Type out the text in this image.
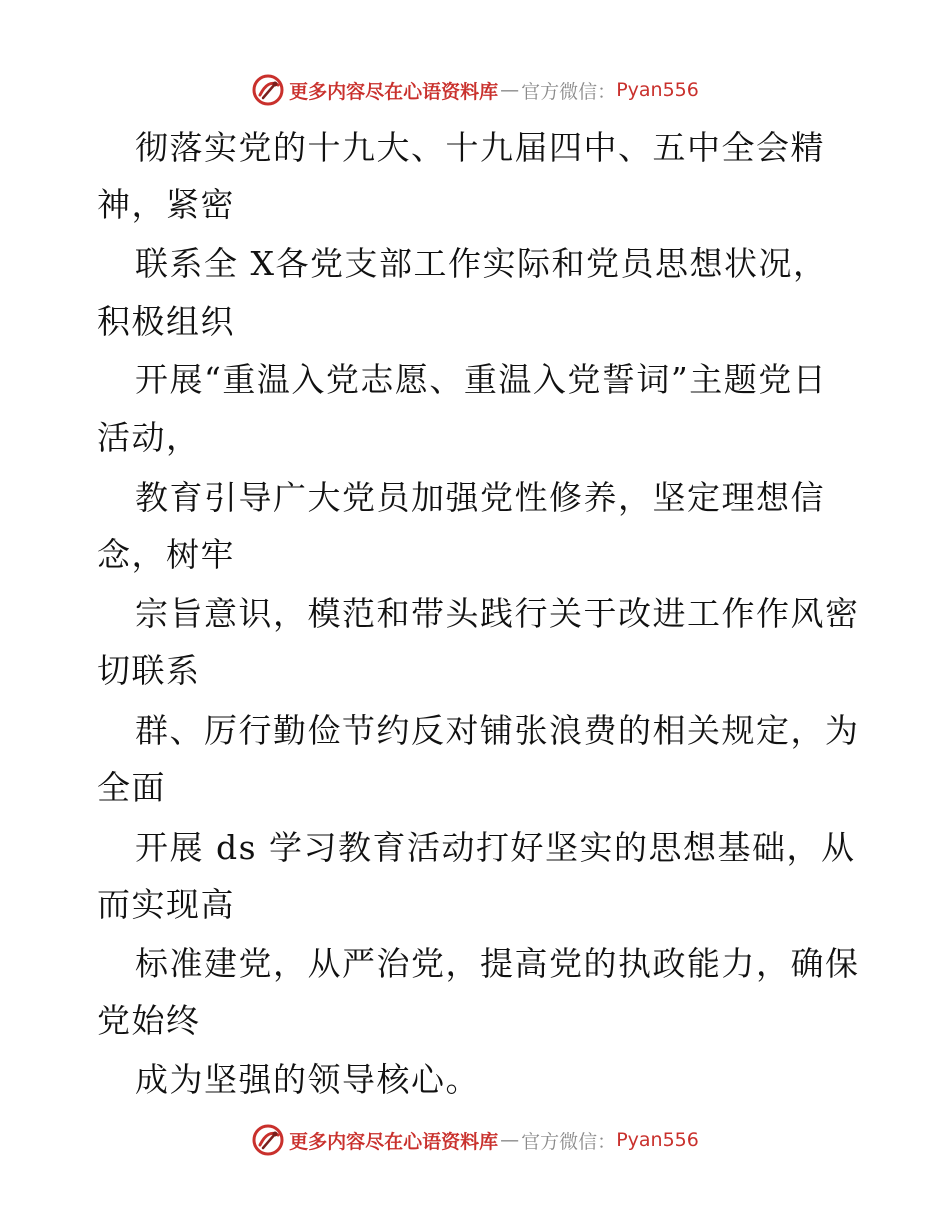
更多内容尽在心语资料库 — 官方微信： Pyan556
彻落实党的十九大、十九届四中、五中全会精
神，紧密
联系全 X各党支部工作实际和党员思想状况，
积极组织
开展“重温入党志愿、重温入党誓词”主题党日
活动，
教育引导广大党员加强党性修养，坚定理想信
念，树牢
宗旨意识，模范和带头践行关于改进工作作风密
切联系
群、厉行勤俭节约反对铺张浪费的相关规定，为
全面
开展 ds 学习教育活动打好坚实的思想基础，从
而实现高
标准建党，从严治党，提高党的执政能力，确保
党始终
成为坚强的领导核心。
更多内容尽在心语资料库 — 官方微信： Pyan556
